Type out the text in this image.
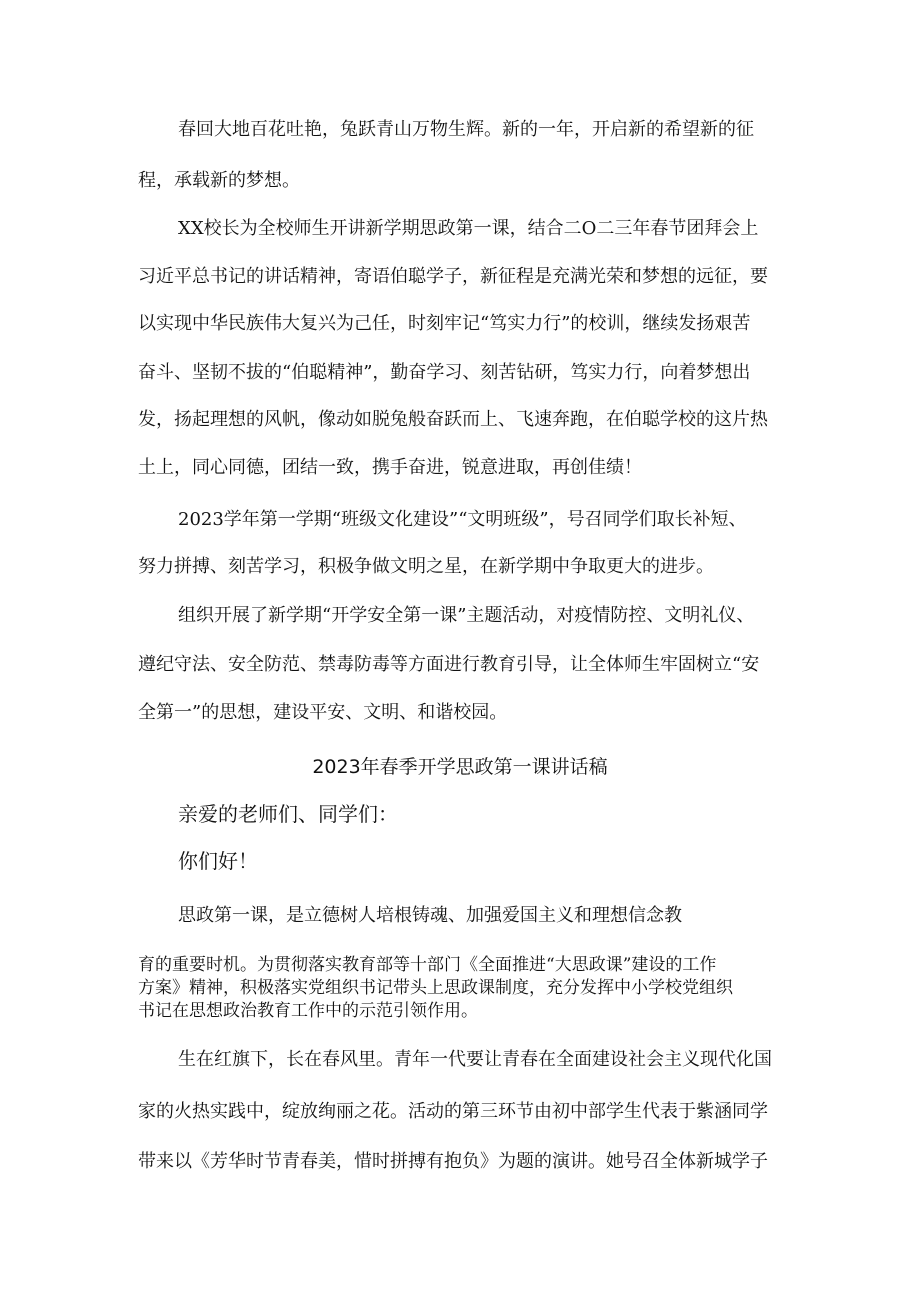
春回大地百花吐艳，兔跃青山万物生辉。新的一年，开启新的希望新的征
程，承载新的梦想。
XX校长为全校师生开讲新学期思政第一课，结合二O二三年春节团拜会上
习近平总书记的讲话精神，寄语伯聪学子，新征程是充满光荣和梦想的远征，要
以实现中华民族伟大复兴为己任，时刻牢记“笃实力行”的校训，继续发扬艰苦
奋斗、坚韧不拔的“伯聪精神”，勤奋学习、刻苦钻研，笃实力行，向着梦想出
发，扬起理想的风帆，像动如脱兔般奋跃而上、飞速奔跑，在伯聪学校的这片热
土上，同心同德，团结一致，携手奋进，锐意进取，再创佳绩！
2023学年第一学期“班级文化建设”“文明班级”，号召同学们取长补短、
努力拼搏、刻苦学习，积极争做文明之星，在新学期中争取更大的进步。
组织开展了新学期“开学安全第一课”主题活动，对疫情防控、文明礼仪、
遵纪守法、安全防范、禁毒防毒等方面进行教育引导，让全体师生牢固树立“安
全第一”的思想，建设平安、文明、和谐校园。
2023年春季开学思政第一课讲话稿
亲爱的老师们、同学们：
你们好！
思政第一课，是立德树人培根铸魂、加强爱国主义和理想信念教
育的重要时机。为贯彻落实教育部等十部门《全面推进“大思政课”建设的工作
方案》精神，积极落实党组织书记带头上思政课制度，充分发挥中小学校党组织
书记在思想政治教育工作中的示范引领作用。
生在红旗下，长在春风里。青年一代要让青春在全面建设社会主义现代化国
家的火热实践中，绽放绚丽之花。活动的第三环节由初中部学生代表于紫涵同学
带来以《芳华时节青春美，惜时拼搏有抱负》为题的演讲。她号召全体新城学子
